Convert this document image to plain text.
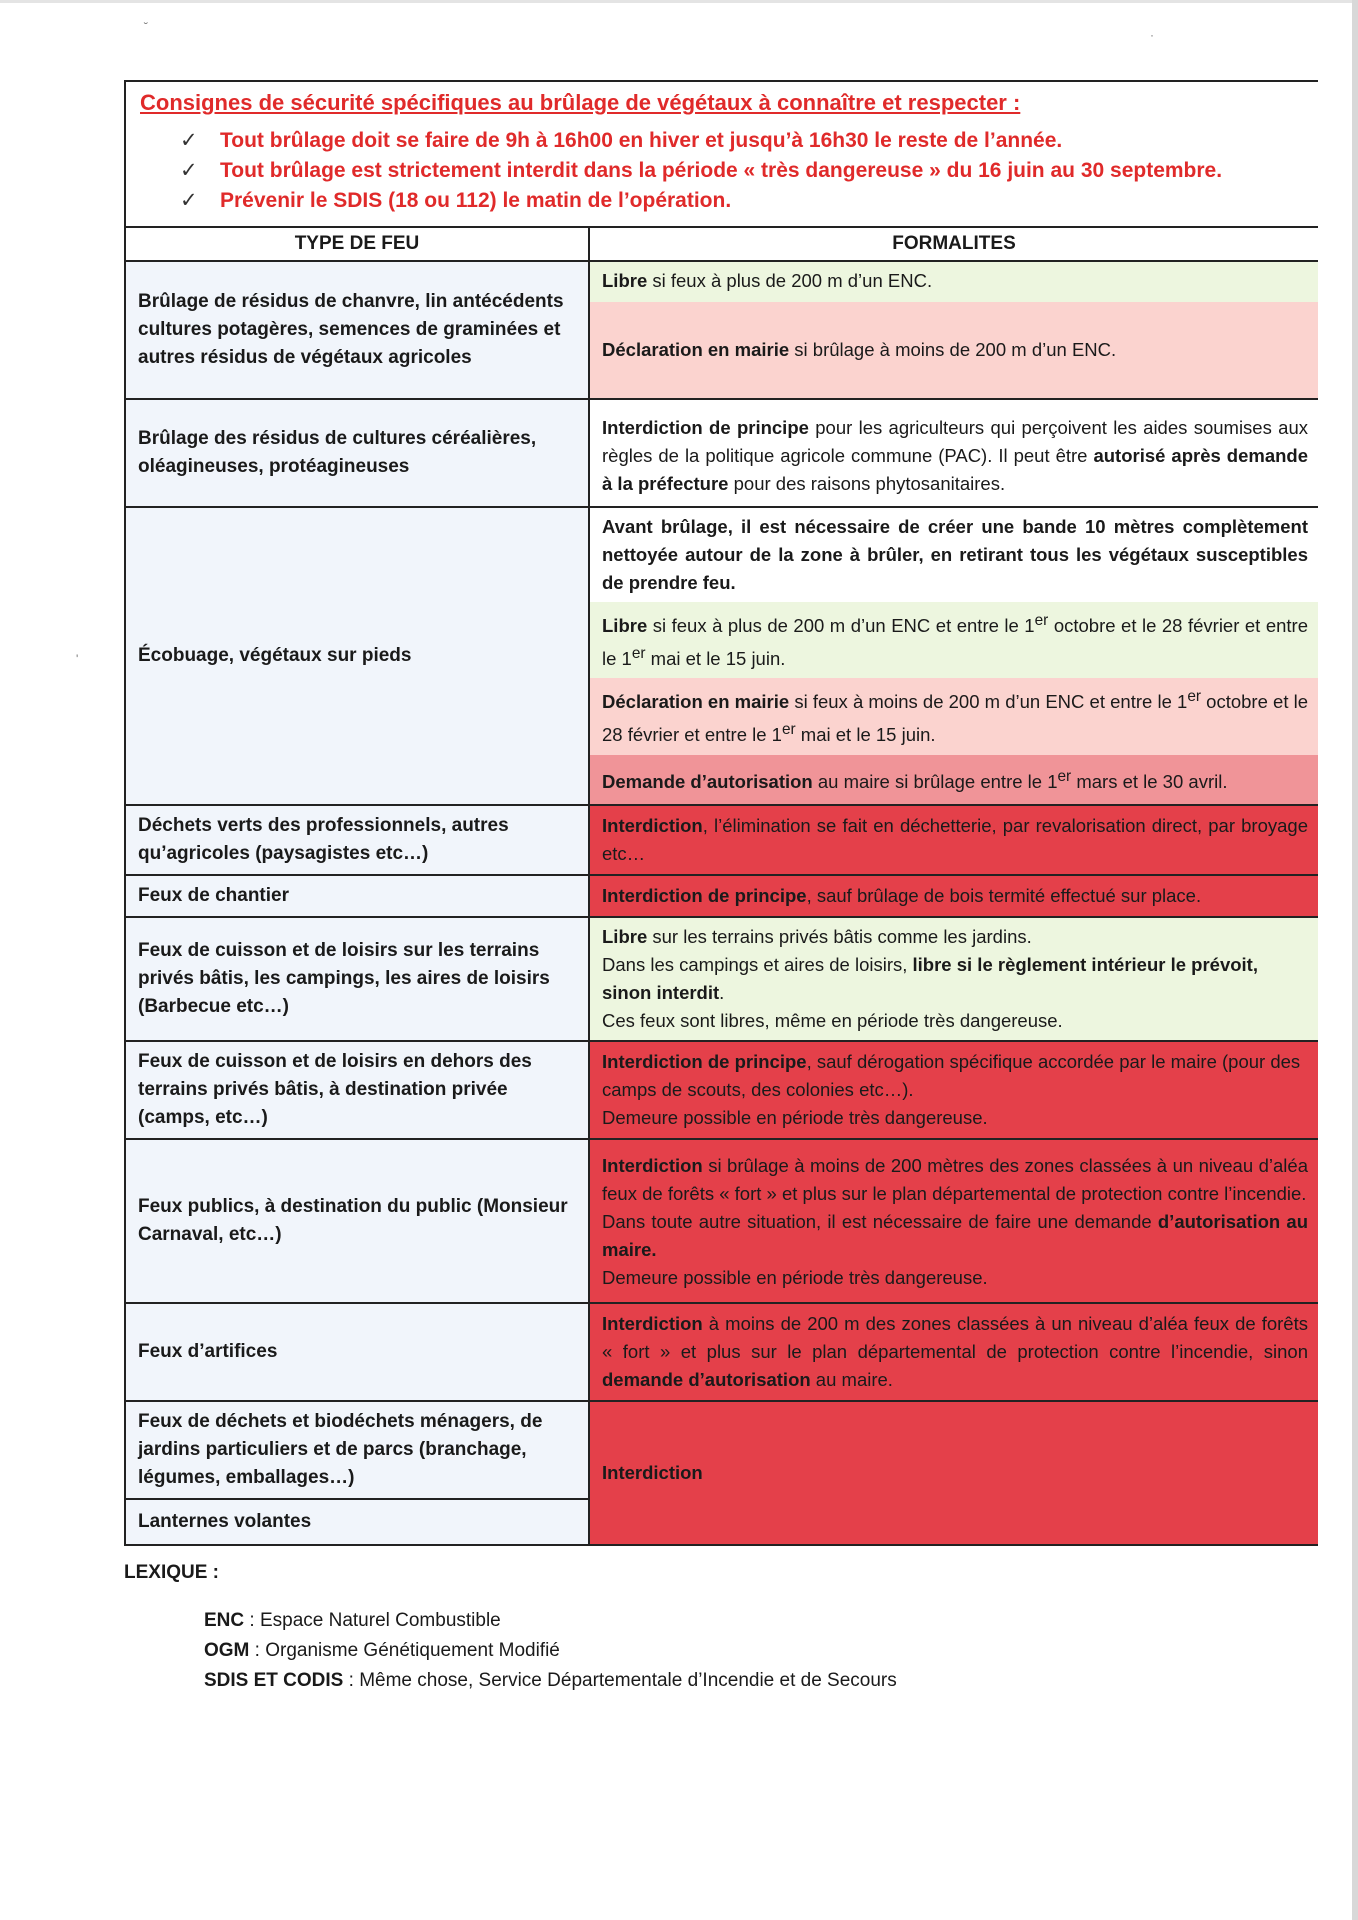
˘
·
'
Consignes de sécurité spécifiques au brûlage de végétaux à connaître et respecter :
✓	Tout brûlage doit se faire de 9h à 16h00 en hiver et jusqu’à 16h30 le reste de l’année.
✓	Tout brûlage est strictement interdit dans la période « très dangereuse » du 16 juin au 30 septembre.
✓	Prévenir le SDIS (18 ou 112) le matin de l’opération.
TYPE DE FEU	FORMALITES
Brûlage de résidus de chanvre, lin antécédents cultures potagères, semences de graminées et autres résidus de végétaux agricoles	Libre si feux à plus de 200 m d’un ENC.
Déclaration en mairie si brûlage à moins de 200 m d’un ENC.

Brûlage des résidus de cultures céréalières, oléagineuses, protéagineuses	Interdiction de principe pour les agriculteurs qui perçoivent les aides soumises aux règles de la politique agricole commune (PAC). Il peut être autorisé après demande à la préfecture pour des raisons phytosanitaires.

Écobuage, végétaux sur pieds	Avant brûlage, il est nécessaire de créer une bande 10 mètres complètement nettoyée autour de la zone à brûler, en retirant tous les végétaux susceptibles de prendre feu.
Libre si feux à plus de 200 m d’un ENC et entre le 1er octobre et le 28 février et entre le 1er mai et le 15 juin.
Déclaration en mairie si feux à moins de 200 m d’un ENC et entre le 1er octobre et le 28 février et entre le 1er mai et le 15 juin.
Demande d’autorisation au maire si brûlage entre le 1er mars et le 30 avril.

Déchets verts des professionnels, autres qu’agricoles (paysagistes etc…)	Interdiction, l’élimination se fait en déchetterie, par revalorisation direct, par broyage etc…

Feux de chantier	Interdiction de principe, sauf brûlage de bois termité effectué sur place.

Feux de cuisson et de loisirs sur les terrains privés bâtis, les campings, les aires de loisirs (Barbecue etc…)	Libre sur les terrains privés bâtis comme les jardins.
Dans les campings et aires de loisirs, libre si le règlement intérieur le prévoit, sinon interdit.
Ces feux sont libres, même en période très dangereuse.

Feux de cuisson et de loisirs en dehors des terrains privés bâtis, à destination privée (camps, etc…)	Interdiction de principe, sauf dérogation spécifique accordée par le maire (pour des camps de scouts, des colonies etc…).
Demeure possible en période très dangereuse.

Feux publics, à destination du public (Monsieur Carnaval, etc…)	Interdiction si brûlage à moins de 200 mètres des zones classées à un niveau d’aléa feux de forêts « fort » et plus sur le plan départemental de protection contre l’incendie.
Dans toute autre situation, il est nécessaire de faire une demande d’autorisation au maire.
Demeure possible en période très dangereuse.

Feux d’artifices	Interdiction à moins de 200 m des zones classées à un niveau d’aléa feux de forêts « fort » et plus sur le plan départemental de protection contre l’incendie, sinon demande d’autorisation au maire.

Feux de déchets et biodéchets ménagers, de jardins particuliers et de parcs (branchage, légumes, emballages…)	Interdiction

Lanternes volantes	
LEXIQUE :
ENC : Espace Naturel Combustible
OGM : Organisme Génétiquement Modifié
SDIS ET CODIS : Même chose, Service Départementale d’Incendie et de Secours
